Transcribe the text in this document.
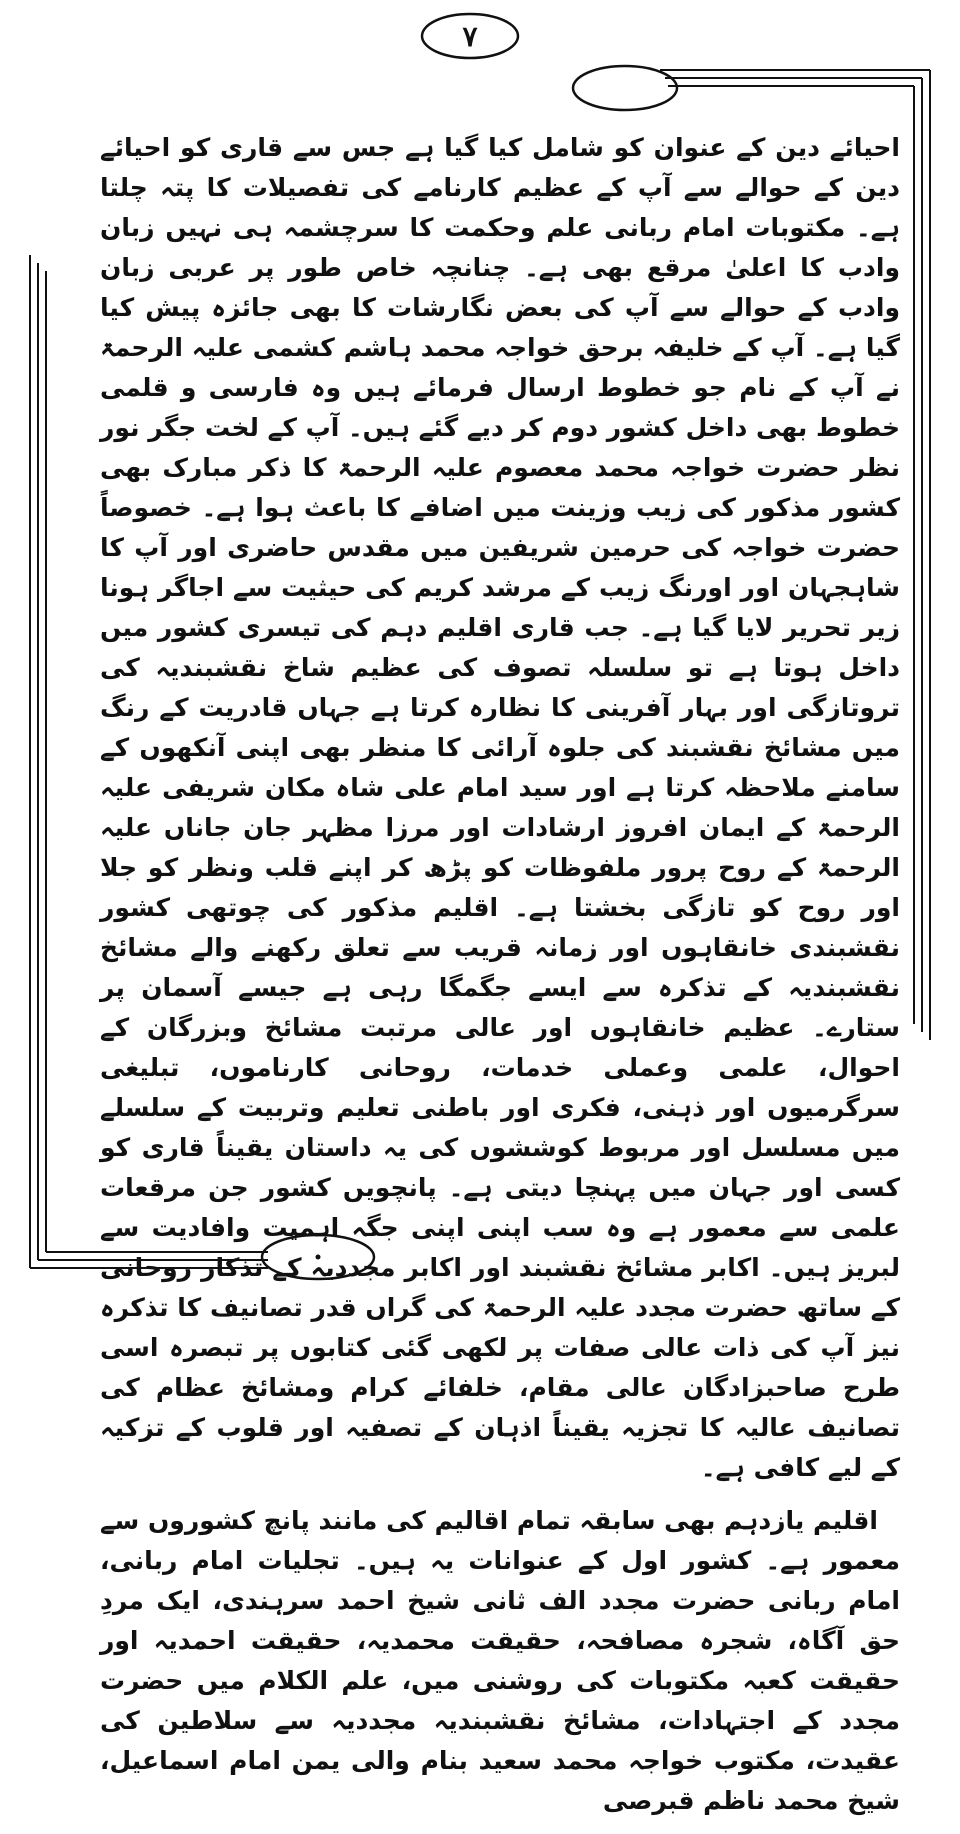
٧

احیائے دین کے عنوان کو شامل کیا گیا ہے جس سے قاری کو احیائے دین کے حوالے سے آپ کے عظیم کارنامے کی تفصیلات کا پتہ چلتا ہے۔ مکتوبات امام ربانی علم وحکمت کا سرچشمہ ہی نہیں زبان وادب کا اعلیٰ مرقع بھی ہے۔ چنانچہ خاص طور پر عربی زبان وادب کے حوالے سے آپ کی بعض نگارشات کا بھی جائزہ پیش کیا گیا ہے۔ آپ کے خلیفہ برحق خواجہ محمد ہاشم کشمی علیہ الرحمۃ نے آپ کے نام جو خطوط ارسال فرمائے ہیں وہ فارسی و قلمی خطوط بھی داخل کشور دوم کر دیے گئے ہیں۔ آپ کے لخت جگر نور نظر حضرت خواجہ محمد معصوم علیہ الرحمۃ کا ذکر مبارک بھی کشور مذکور کی زیب وزینت میں اضافے کا باعث ہوا ہے۔ خصوصاً حضرت خواجہ کی حرمین شریفین میں مقدس حاضری اور آپ کا شاہجہان اور اورنگ زیب کے مرشد کریم کی حیثیت سے اجاگر ہونا زیر تحریر لایا گیا ہے۔ جب قاری اقلیم دہم کی تیسری کشور میں داخل ہوتا ہے تو سلسلہ تصوف کی عظیم شاخ نقشبندیہ کی تروتازگی اور بہار آفرینی کا نظارہ کرتا ہے جہاں قادریت کے رنگ میں مشائخ نقشبند کی جلوہ آرائی کا منظر بھی اپنی آنکھوں کے سامنے ملاحظہ کرتا ہے اور سید امام علی شاہ مکان شریفی علیہ الرحمۃ کے ایمان افروز ارشادات اور مرزا مظہر جان جاناں علیہ الرحمۃ کے روح پرور ملفوظات کو پڑھ کر اپنے قلب ونظر کو جلا اور روح کو تازگی بخشتا ہے۔ اقلیم مذکور کی چوتھی کشور نقشبندی خانقاہوں اور زمانہ قریب سے تعلق رکھنے والے مشائخ نقشبندیہ کے تذکرہ سے ایسے جگمگا رہی ہے جیسے آسمان پر ستارے۔ عظیم خانقاہوں اور عالی مرتبت مشائخ وبزرگان کے احوال، علمی وعملی خدمات، روحانی کارناموں، تبلیغی سرگرمیوں اور ذہنی، فکری اور باطنی تعلیم وتربیت کے سلسلے میں مسلسل اور مربوط کوششوں کی یہ داستان یقیناً قاری کو کسی اور جہان میں پہنچا دیتی ہے۔ پانچویں کشور جن مرقعات علمی سے معمور ہے وہ سب اپنی اپنی جگہ اہمیت وافادیت سے لبریز ہیں۔ اکابر مشائخ نقشبند اور اکابر مجددیہ کے تذکار روحانی کے ساتھ حضرت مجدد علیہ الرحمۃ کی گراں قدر تصانیف کا تذکرہ نیز آپ کی ذات عالی صفات پر لکھی گئی کتابوں پر تبصرہ اسی طرح صاحبزادگان عالی مقام، خلفائے کرام ومشائخ عظام کی تصانیف عالیہ کا تجزیہ یقیناً اذہان کے تصفیہ اور قلوب کے تزکیہ کے لیے کافی ہے۔

اقلیم یازدہم بھی سابقہ تمام اقالیم کی مانند پانچ کشوروں سے معمور ہے۔ کشور اول کے عنوانات یہ ہیں۔ تجلیات امام ربانی، امام ربانی حضرت مجدد الف ثانی شیخ احمد سرہندی، ایک مردِ حق آگاہ، شجرہ مصافحہ، حقیقت محمدیہ، حقیقت احمدیہ اور حقیقت کعبہ مکتوبات کی روشنی میں، علم الکلام میں حضرت مجدد کے اجتہادات، مشائخ نقشبندیہ مجددیہ سے سلاطین کی عقیدت، مکتوب خواجہ محمد سعید بنام والی یمن امام اسماعیل، شیخ محمد ناظم قبرصی
